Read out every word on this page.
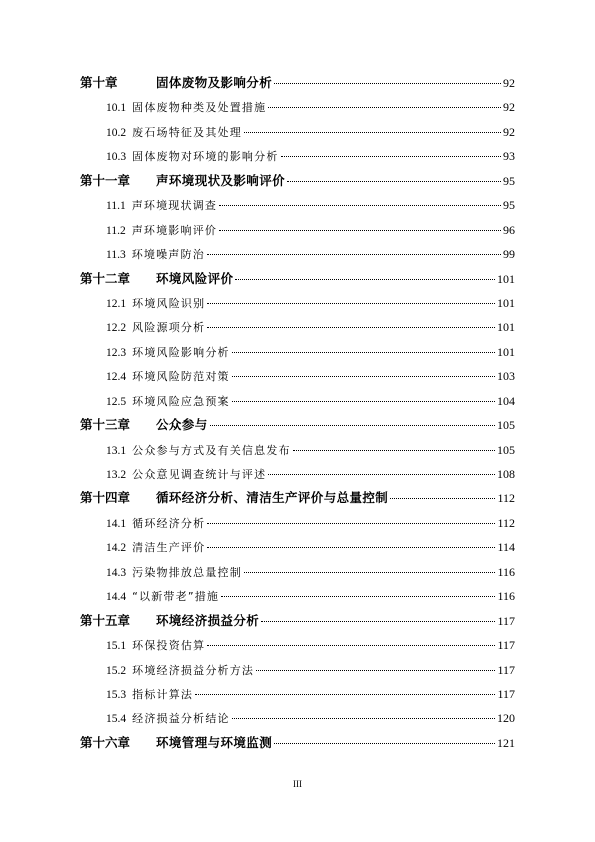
第十章	固体废物及影响分析	92
10.1 固体废物种类及处置措施	92
10.2 废石场特征及其处理	92
10.3 固体废物对环境的影响分析	93
第十一章	声环境现状及影响评价	95
11.1 声环境现状调查	95
11.2 声环境影响评价	96
11.3 环境噪声防治	99
第十二章	环境风险评价	101
12.1 环境风险识别	101
12.2 风险源项分析	101
12.3 环境风险影响分析	101
12.4 环境风险防范对策	103
12.5 环境风险应急预案	104
第十三章	公众参与	105
13.1 公众参与方式及有关信息发布	105
13.2 公众意见调查统计与评述	108
第十四章	循环经济分析、清洁生产评价与总量控制	112
14.1 循环经济分析	112
14.2 清洁生产评价	114
14.3 污染物排放总量控制	116
14.4 “以新带老”措施	116
第十五章	环境经济损益分析	117
15.1 环保投资估算	117
15.2 环境经济损益分析方法	117
15.3 指标计算法	117
15.4 经济损益分析结论	120
第十六章	环境管理与环境监测	121
III
